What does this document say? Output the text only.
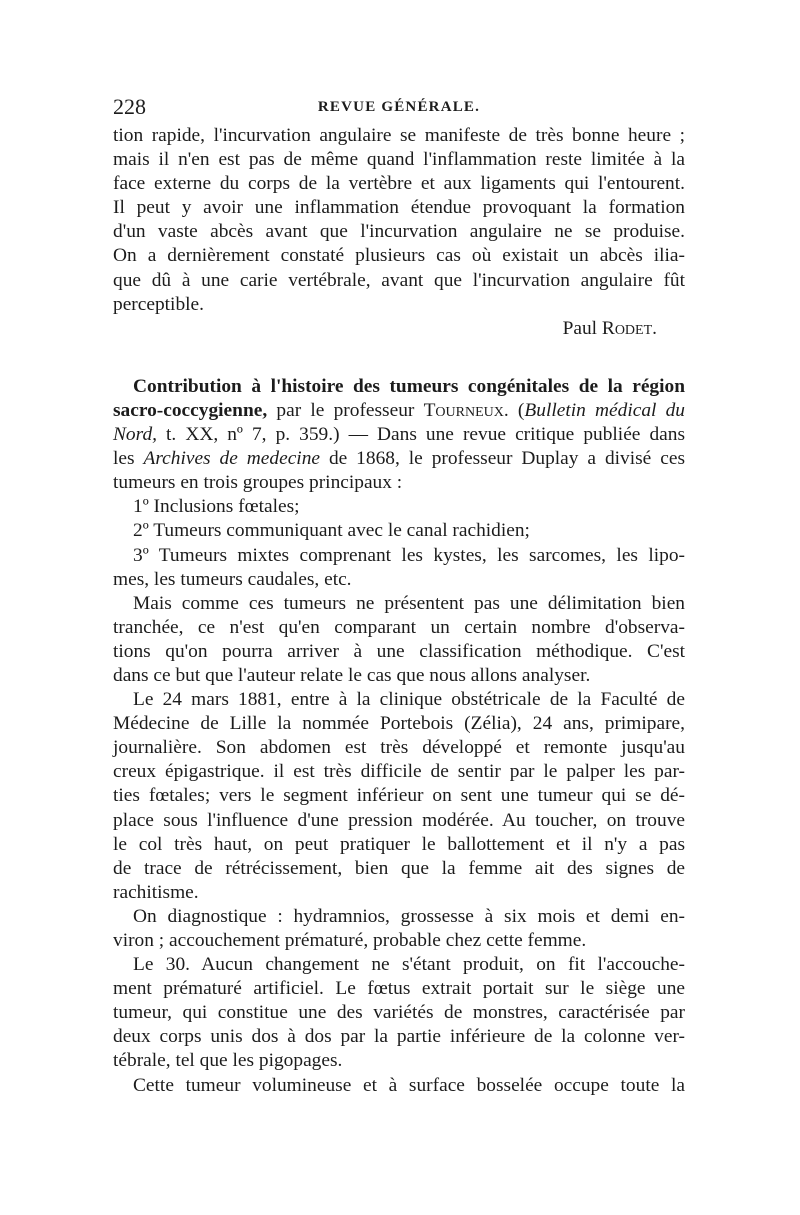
228	REVUE GÉNÉRALE.
tion rapide, l'incurvation angulaire se manifeste de très bonne heure ;
mais il n'en est pas de même quand l'inflammation reste limitée à la
face externe du corps de la vertèbre et aux ligaments qui l'entourent.
Il peut y avoir une inflammation étendue provoquant la formation
d'un vaste abcès avant que l'incurvation angulaire ne se produise.
On a dernièrement constaté plusieurs cas où existait un abcès ilia-
que dû à une carie vertébrale, avant que l'incurvation angulaire fût
perceptible.
Paul Rodet.
Contribution à l'histoire des tumeurs congénitales de la région
sacro-coccygienne, par le professeur Tourneux. (Bulletin médical du
Nord, t. XX, nº 7, p. 359.) — Dans une revue critique publiée dans
les Archives de medecine de 1868, le professeur Duplay a divisé ces
tumeurs en trois groupes principaux :
1º Inclusions fœtales;
2º Tumeurs communiquant avec le canal rachidien;
3º Tumeurs mixtes comprenant les kystes, les sarcomes, les lipo-
mes, les tumeurs caudales, etc.
Mais comme ces tumeurs ne présentent pas une délimitation bien
tranchée, ce n'est qu'en comparant un certain nombre d'observa-
tions qu'on pourra arriver à une classification méthodique. C'est
dans ce but que l'auteur relate le cas que nous allons analyser.
Le 24 mars 1881, entre à la clinique obstétricale de la Faculté de
Médecine de Lille la nommée Portebois (Zélia), 24 ans, primipare,
journalière. Son abdomen est très développé et remonte jusqu'au
creux épigastrique. il est très difficile de sentir par le palper les par-
ties fœtales; vers le segment inférieur on sent une tumeur qui se dé-
place sous l'influence d'une pression modérée. Au toucher, on trouve
le col très haut, on peut pratiquer le ballottement et il n'y a pas
de trace de rétrécissement, bien que la femme ait des signes de
rachitisme.
On diagnostique : hydramnios, grossesse à six mois et demi en-
viron ; accouchement prématuré, probable chez cette femme.
Le 30. Aucun changement ne s'étant produit, on fit l'accouche-
ment prématuré artificiel. Le fœtus extrait portait sur le siège une
tumeur, qui constitue une des variétés de monstres, caractérisée par
deux corps unis dos à dos par la partie inférieure de la colonne ver-
tébrale, tel que les pigopages.
Cette tumeur volumineuse et à surface bosselée occupe toute la
